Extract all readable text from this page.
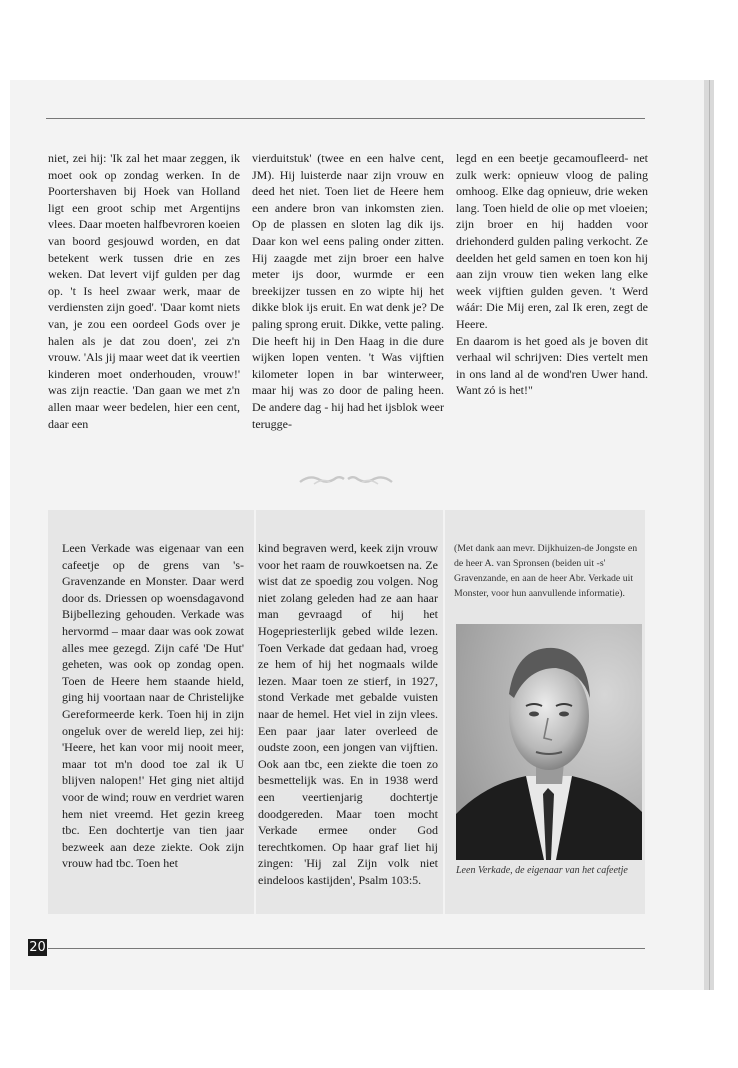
niet, zei hij: 'Ik zal het maar zeggen, ik moet ook op zondag werken. In de Poortershaven bij Hoek van Holland ligt een groot schip met Argentijns vlees. Daar moeten halfbevroren koeien van boord gesjouwd worden, en dat betekent werk tussen drie en zes weken. Dat levert vijf gulden per dag op. 't Is heel zwaar werk, maar de verdiensten zijn goed'. 'Daar komt niets van, je zou een oordeel Gods over je halen als je dat zou doen', zei z'n vrouw. 'Als jij maar weet dat ik veertien kinderen moet onderhouden, vrouw!' was zijn reactie. 'Dan gaan we met z'n allen maar weer bedelen, hier een cent, daar een

vierduitstuk' (twee en een halve cent, JM). Hij luisterde naar zijn vrouw en deed het niet. Toen liet de Heere hem een andere bron van inkomsten zien. Op de plassen en sloten lag dik ijs. Daar kon wel eens paling onder zitten. Hij zaagde met zijn broer een halve meter ijs door, wurmde er een breekijzer tussen en zo wipte hij het dikke blok ijs eruit. En wat denk je? De paling sprong eruit. Dikke, vette paling. Die heeft hij in Den Haag in die dure wijken lopen venten. 't Was vijftien kilometer lopen in bar winterweer, maar hij was zo door de paling heen. De andere dag - hij had het ijsblok weer terugge-

legd en een beetje gecamoufleerd- net zulk werk: opnieuw vloog de paling omhoog. Elke dag opnieuw, drie weken lang. Toen hield de olie op met vloeien; zijn broer en hij hadden voor driehonderd gulden paling verkocht. Ze deelden het geld samen en toen kon hij aan zijn vrouw tien weken lang elke week vijftien gulden geven. 't Werd wáár: Die Mij eren, zal Ik eren, zegt de Heere.

En daarom is het goed als je boven dit verhaal wil schrijven: Dies vertelt men in ons land al de wond'ren Uwer hand. Want zó is het!"

Leen Verkade was eigenaar van een cafeetje op de grens van 's-Gravenzande en Monster. Daar werd door ds. Driessen op woensdagavond Bijbellezing gehouden. Verkade was hervormd – maar daar was ook zowat alles mee gezegd. Zijn café 'De Hut' geheten, was ook op zondag open. Toen de Heere hem staande hield, ging hij voortaan naar de Christelijke Gereformeerde kerk. Toen hij in zijn ongeluk over de wereld liep, zei hij: 'Heere, het kan voor mij nooit meer, maar tot m'n dood toe zal ik U blijven nalopen!' Het ging niet altijd voor de wind; rouw en verdriet waren hem niet vreemd. Het gezin kreeg tbc. Een dochtertje van tien jaar bezweek aan deze ziekte. Ook zijn vrouw had tbc. Toen het

kind begraven werd, keek zijn vrouw voor het raam de rouwkoetsen na. Ze wist dat ze spoedig zou volgen. Nog niet zolang geleden had ze aan haar man gevraagd of hij het Hogepriesterlijk gebed wilde lezen. Toen Verkade dat gedaan had, vroeg ze hem of hij het nogmaals wilde lezen. Maar toen ze stierf, in 1927, stond Verkade met gebalde vuisten naar de hemel. Het viel in zijn vlees. Een paar jaar later overleed de oudste zoon, een jongen van vijftien. Ook aan tbc, een ziekte die toen zo besmettelijk was. En in 1938 werd een veertienjarig dochtertje doodgereden. Maar toen mocht Verkade ermee onder God terechtkomen. Op haar graf liet hij zingen: 'Hij zal Zijn volk niet eindeloos kastijden', Psalm 103:5.

(Met dank aan mevr. Dijkhuizen-de Jongste en de heer A. van Spronsen (beiden uit -s' Gravenzande, en aan de heer Abr. Verkade uit Monster, voor hun aanvullende informatie).
Leen Verkade, de eigenaar van het cafeetje
20
